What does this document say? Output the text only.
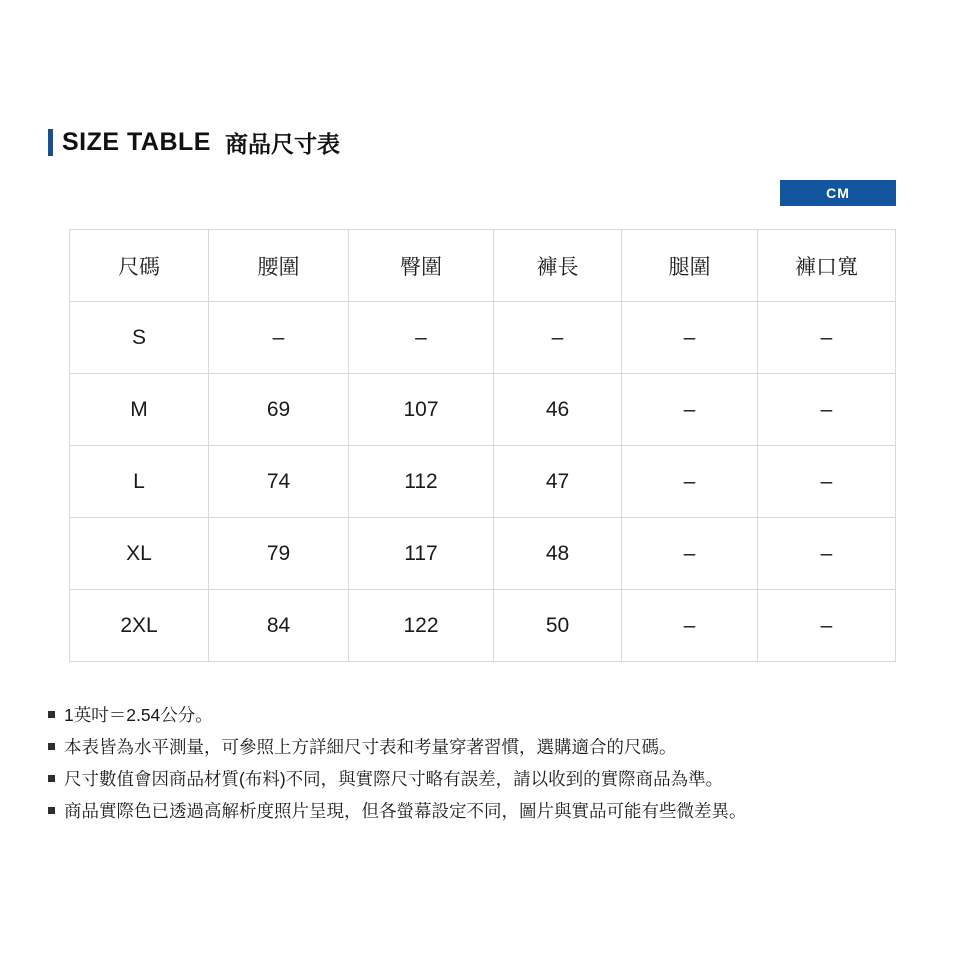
SIZE TABLE 商品尺寸表
CM
尺碼	腰圍	臀圍	褲長	腿圍	褲口寬
S	–	–	–	–	–
M	69	107	46	–	–
L	74	112	47	–	–
XL	79	117	48	–	–
2XL	84	122	50	–	–
1英吋＝2.54公分。
本表皆為水平測量，可參照上方詳細尺寸表和考量穿著習慣，選購適合的尺碼。
尺寸數值會因商品材質(布料)不同，與實際尺寸略有誤差，請以收到的實際商品為準。
商品實際色已透過高解析度照片呈現，但各螢幕設定不同，圖片與實品可能有些微差異。
